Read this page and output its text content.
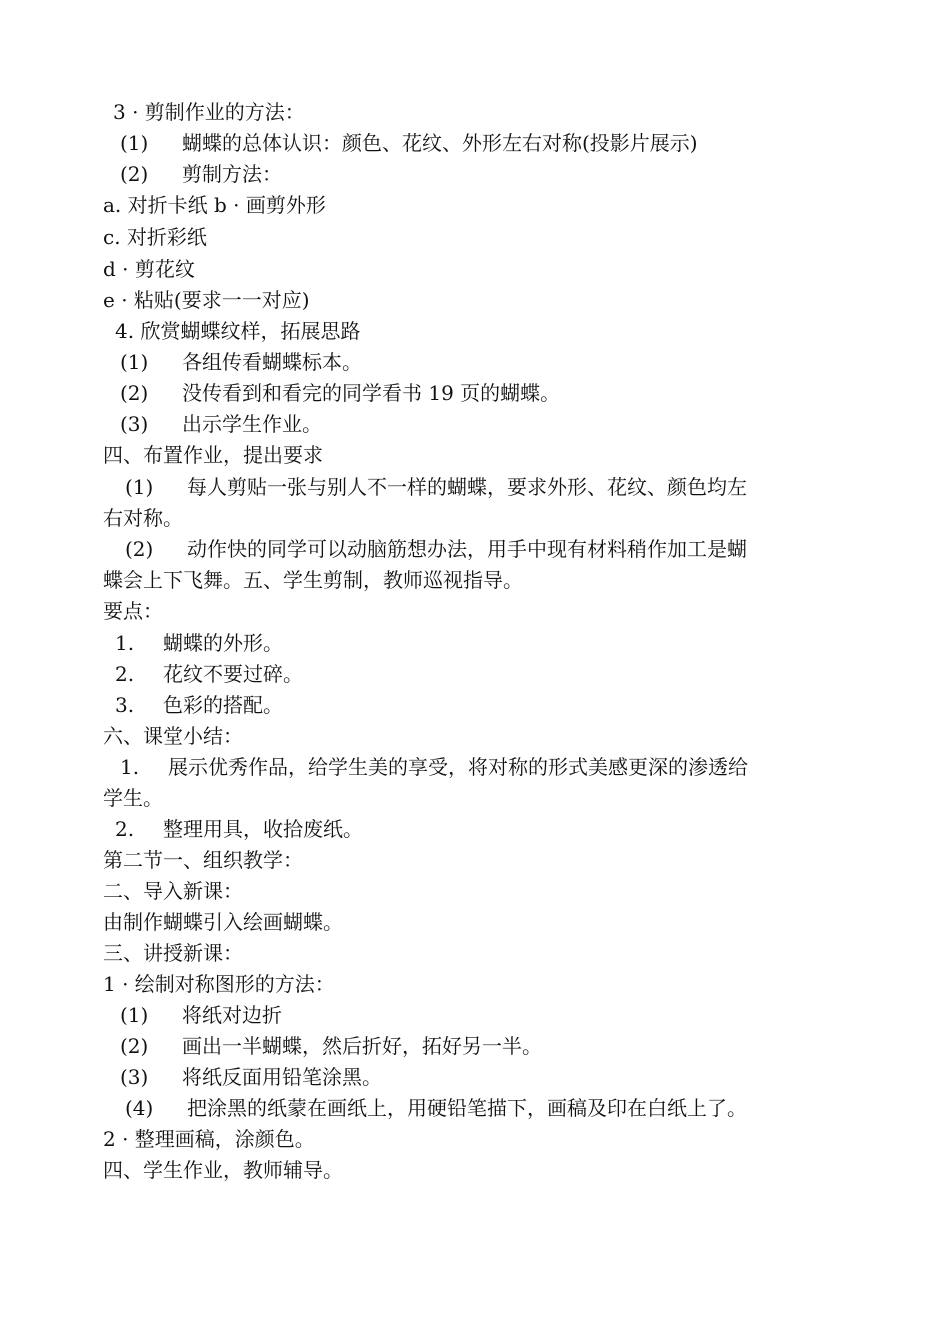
3 · 剪制作业的方法：
(1) 蝴蝶的总体认识：颜色、花纹、外形左右对称(投影片展示)
(2) 剪制方法：
a. 对折卡纸 b · 画剪外形
c. 对折彩纸
d · 剪花纹
e · 粘贴(要求一一对应)
4. 欣赏蝴蝶纹样，拓展思路
(1) 各组传看蝴蝶标本。
(2) 没传看到和看完的同学看书 19 页的蝴蝶。
(3) 出示学生作业。
四、布置作业，提出要求
(1) 每人剪贴一张与别人不一样的蝴蝶，要求外形、花纹、颜色均左
右对称。
(2) 动作快的同学可以动脑筋想办法，用手中现有材料稍作加工是蝴
蝶会上下飞舞。五、学生剪制，教师巡视指导。
要点：
1. 蝴蝶的外形。
2. 花纹不要过碎。
3. 色彩的搭配。
六、课堂小结：
1. 展示优秀作品，给学生美的享受，将对称的形式美感更深的渗透给
学生。
2. 整理用具，收拾废纸。
第二节一、组织教学：
二、导入新课：
由制作蝴蝶引入绘画蝴蝶。
三、讲授新课：
1 · 绘制对称图形的方法：
(1) 将纸对边折
(2) 画出一半蝴蝶，然后折好，拓好另一半。
(3) 将纸反面用铅笔涂黑。
(4) 把涂黑的纸蒙在画纸上，用硬铅笔描下，画稿及印在白纸上了。
2 · 整理画稿，涂颜色。
四、学生作业，教师辅导。
